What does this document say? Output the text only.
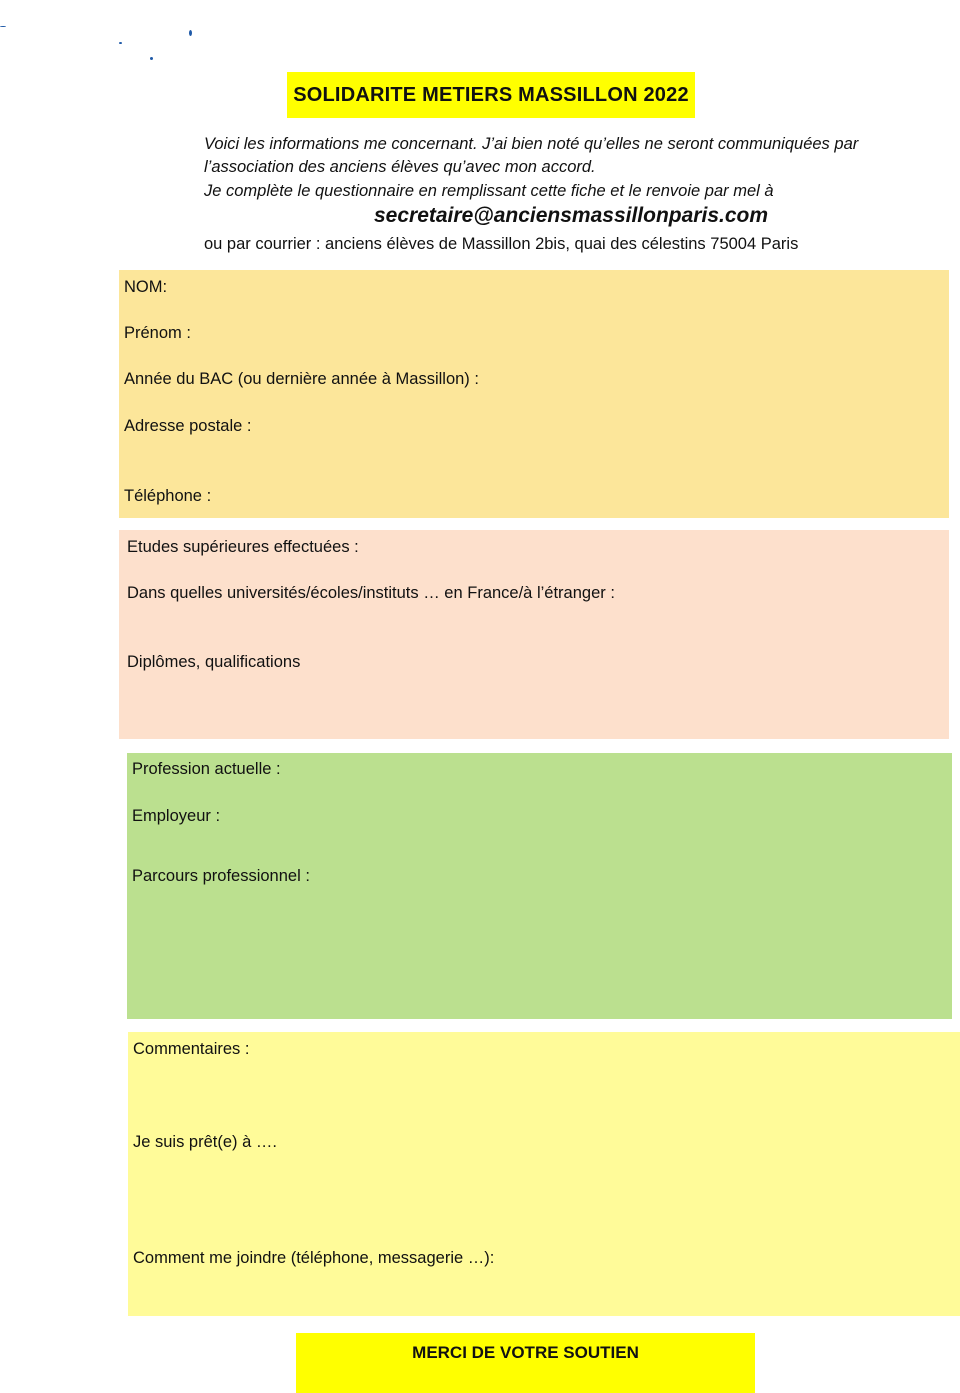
SOLIDARITE METIERS MASSILLON 2022
Voici les informations me concernant. J’ai bien noté qu’elles ne seront communiquées par
l’association des anciens élèves qu’avec mon accord.
Je complète le questionnaire en remplissant cette fiche et le renvoie par mel à
secretaire@anciensmassillonparis.com
ou par courrier : anciens élèves de Massillon 2bis, quai des célestins 75004 Paris
NOM:
Prénom :
Année du BAC (ou dernière année à Massillon) :
Adresse postale :
Téléphone :
Etudes supérieures effectuées :
Dans quelles universités/écoles/instituts … en France/à l’étranger :
Diplômes, qualifications
Profession actuelle :
Employeur :
Parcours professionnel :
Commentaires :
Je suis prêt(e) à ….
Comment me joindre (téléphone, messagerie …):
MERCI DE VOTRE SOUTIEN
